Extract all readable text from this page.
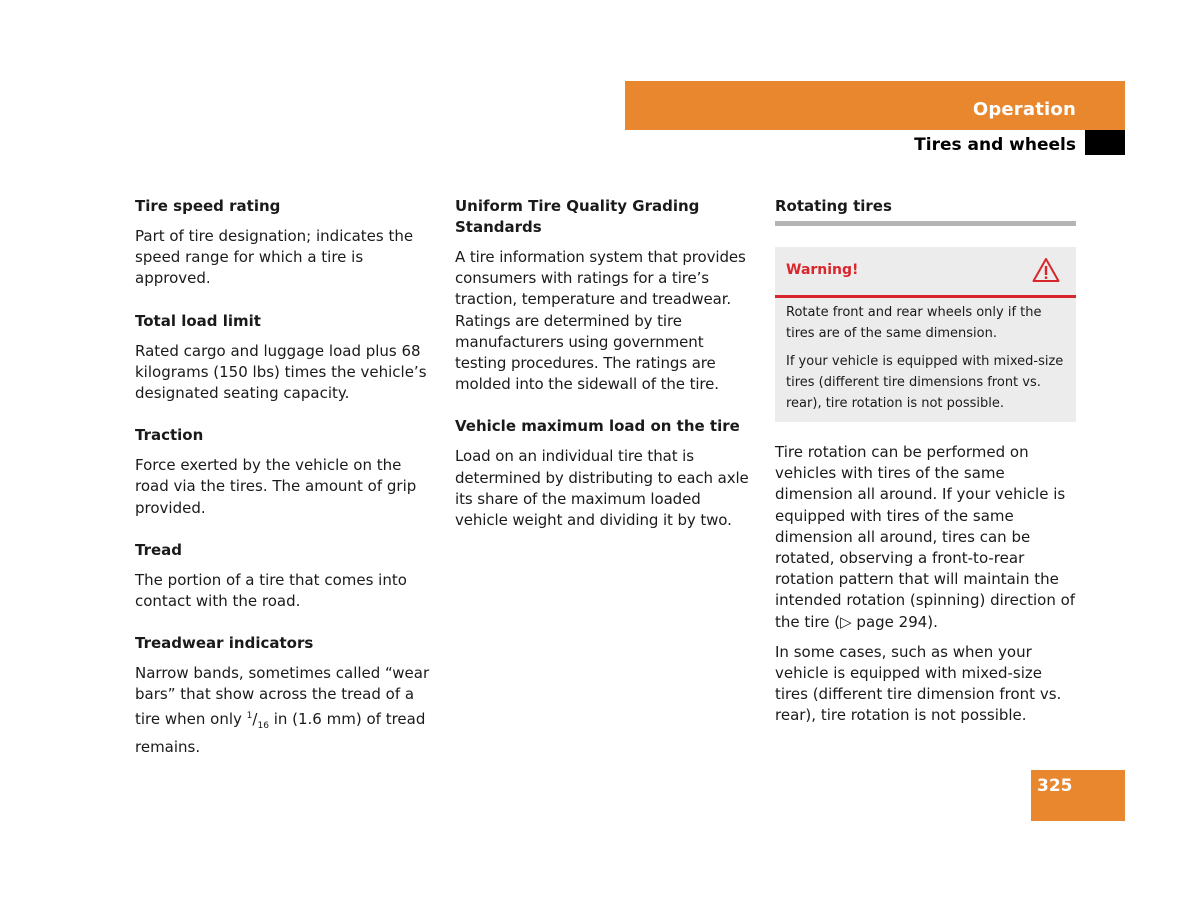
Operation
Tires and wheels
Tire speed rating
Part of tire designation; indicates the speed range for which a tire is approved.
Total load limit
Rated cargo and luggage load plus 68 kilograms (150 lbs) times the vehicle’s designated seating capacity.
Traction
Force exerted by the vehicle on the road via the tires. The amount of grip provided.
Tread
The portion of a tire that comes into contact with the road.
Treadwear indicators
Narrow bands, sometimes called “wear bars” that show across the tread of a tire when only $^1/_{16}$ in (1.6 mm) of tread remains.
Uniform Tire Quality Grading Standards
A tire information system that provides consumers with ratings for a tire’s traction, temperature and treadwear. Ratings are determined by tire manufacturers using government testing procedures. The ratings are molded into the sidewall of the tire.
Vehicle maximum load on the tire
Load on an individual tire that is determined by distributing to each axle its share of the maximum loaded vehicle weight and dividing it by two.
Rotating tires
Warning!

Rotate front and rear wheels only if the tires are of the same dimension.

If your vehicle is equipped with mixed-size tires (different tire dimensions front vs. rear), tire rotation is not possible.

Tire rotation can be performed on vehicles with tires of the same dimension all around. If your vehicle is equipped with tires of the same dimension all around, tires can be rotated, observing a front-to-rear rotation pattern that will maintain the intended rotation (spinning) direction of the tire (▷ page 294).
In some cases, such as when your vehicle is equipped with mixed-size tires (different tire dimension front vs. rear), tire rotation is not possible.
325
